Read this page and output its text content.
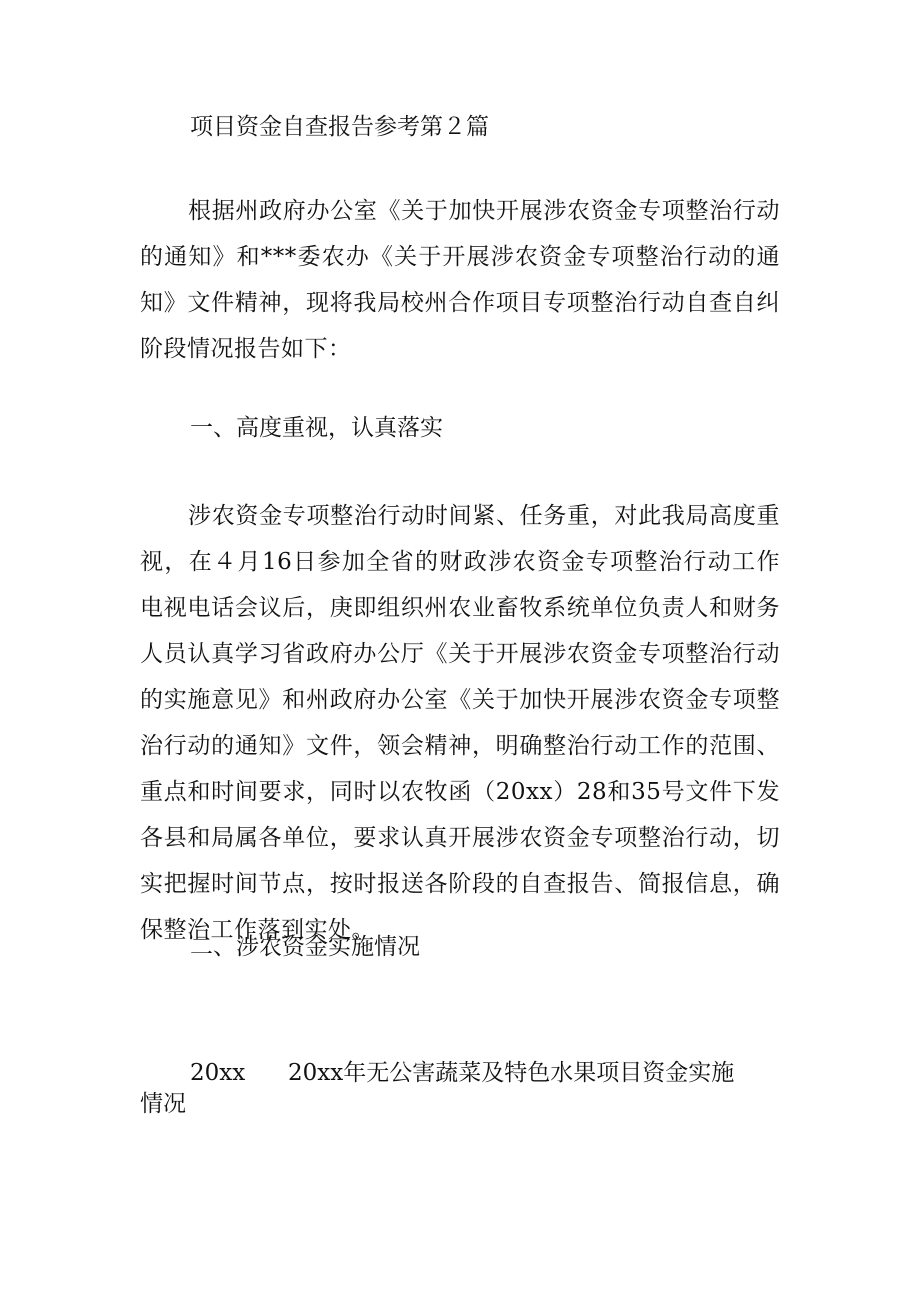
项目资金自查报告参考第２篇

根据州政府办公室《关于加快开展涉农资金专项整治行动的通知》和***委农办《关于开展涉农资金专项整治行动的通知》文件精神，现将我局校州合作项目专项整治行动自查自纠阶段情况报告如下：

一、高度重视，认真落实

涉农资金专项整治行动时间紧、任务重，对此我局高度重视，在４月16日参加全省的财政涉农资金专项整治行动工作电视电话会议后，庚即组织州农业畜牧系统单位负责人和财务人员认真学习省政府办公厅《关于开展涉农资金专项整治行动的实施意见》和州政府办公室《关于加快开展涉农资金专项整治行动的通知》文件，领会精神，明确整治行动工作的范围、重点和时间要求，同时以农牧函（20xx）28和35号文件下发各县和局属各单位，要求认真开展涉农资金专项整治行动，切实把握时间节点，按时报送各阶段的自查报告、简报信息，确保整治工作落到实处。

二、涉农资金实施情况
20xx 20xx年无公害蔬菜及特色水果项目资金实施
情况
